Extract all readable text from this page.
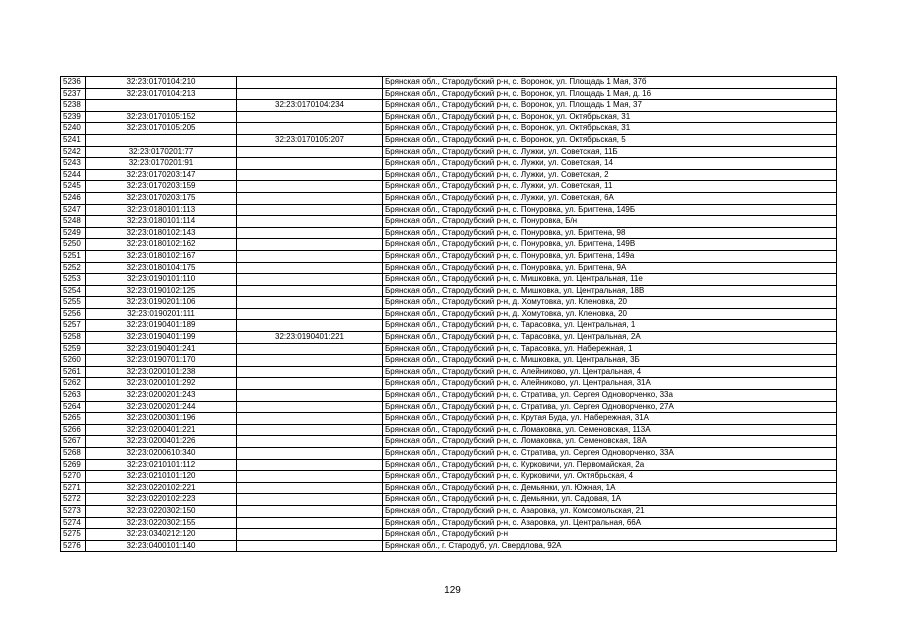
5236	32:23:0170104:210		Брянская обл., Стародубский р-н, с. Воронок, ул. Площадь 1 Мая, 37б
5237	32:23:0170104:213		Брянская обл., Стародубский р-н, с. Воронок, ул. Площадь 1 Мая, д. 16
5238		32:23:0170104:234	Брянская обл., Стародубский р-н, с. Воронок, ул. Площадь 1 Мая, 37
5239	32:23:0170105:152		Брянская обл., Стародубский р-н, с. Воронок, ул. Октябрьская, 31
5240	32:23:0170105:205		Брянская обл., Стародубский р-н, с. Воронок, ул. Октябрьская, 31
5241		32:23:0170105:207	Брянская обл., Стародубский р-н, с. Воронок, ул. Октябрьская, 5
5242	32:23:0170201:77		Брянская обл., Стародубский р-н, с. Лужки, ул. Советская, 11Б
5243	32:23:0170201:91		Брянская обл., Стародубский р-н, с. Лужки, ул. Советская, 14
5244	32:23:0170203:147		Брянская обл., Стародубский р-н, с. Лужки, ул. Советская, 2
5245	32:23:0170203:159		Брянская обл., Стародубский р-н, с. Лужки, ул. Советская, 11
5246	32:23:0170203:175		Брянская обл., Стародубский р-н, с. Лужки, ул. Советская, 6А
5247	32:23:0180101:113		Брянская обл., Стародубский р-н, с. Понуровка, ул. Бригтена, 149Б
5248	32:23:0180101:114		Брянская обл., Стародубский р-н, с. Понуровка, Б/н
5249	32:23:0180102:143		Брянская обл., Стародубский р-н, с. Понуровка, ул. Бригтена, 98
5250	32:23:0180102:162		Брянская обл., Стародубский р-н, с. Понуровка, ул. Бригтена, 149В
5251	32:23:0180102:167		Брянская обл., Стародубский р-н, с. Понуровка, ул. Бригтена, 149а
5252	32:23:0180104:175		Брянская обл., Стародубский р-н, с. Понуровка, ул. Бригтена, 9А
5253	32:23:0190101:110		Брянская обл., Стародубский р-н, с. Мишковка, ул. Центральная, 11е
5254	32:23:0190102:125		Брянская обл., Стародубский р-н, с. Мишковка, ул. Центральная, 18В
5255	32:23:0190201:106		Брянская обл., Стародубский р-н, д. Хомутовка, ул. Кленовка, 20
5256	32:23:0190201:111		Брянская обл., Стародубский р-н, д. Хомутовка, ул. Кленовка, 20
5257	32:23:0190401:189		Брянская обл., Стародубский р-н, с. Тарасовка, ул. Центральная, 1
5258	32:23:0190401:199	32:23:0190401:221	Брянская обл., Стародубский р-н, с. Тарасовка, ул. Центральная, 2А
5259	32:23:0190401:241		Брянская обл., Стародубский р-н, с. Тарасовка, ул. Набережная, 1
5260	32:23:0190701:170		Брянская обл., Стародубский р-н, с. Мишковка, ул. Центральная, 3Б
5261	32:23:0200101:238		Брянская обл., Стародубский р-н, с. Алейниково, ул. Центральная, 4
5262	32:23:0200101:292		Брянская обл., Стародубский р-н, с. Алейниково, ул. Центральная, 31А
5263	32:23:0200201:243		Брянская обл., Стародубский р-н, с. Стратива, ул. Сергея Одноворченко, 33а
5264	32:23:0200201:244		Брянская обл., Стародубский р-н, с. Стратива, ул. Сергея Одноворченко, 27А
5265	32:23:0200301:196		Брянская обл., Стародубский р-н, с. Крутая Буда, ул. Набережная, 31А
5266	32:23:0200401:221		Брянская обл., Стародубский р-н, с. Ломаковка, ул. Семеновская, 113А
5267	32:23:0200401:226		Брянская обл., Стародубский р-н, с. Ломаковка, ул. Семеновская, 18А
5268	32:23:0200610:340		Брянская обл., Стародубский р-н, с. Стратива, ул. Сергея Одноворченко, 33А
5269	32:23:0210101:112		Брянская обл., Стародубский р-н, с. Курковичи, ул. Первомайская, 2а
5270	32:23:0210101:120		Брянская обл., Стародубский р-н, с. Курковичи, ул. Октябрьская, 4
5271	32:23:0220102:221		Брянская обл., Стародубский р-н, с. Демьянки, ул. Южная, 1А
5272	32:23:0220102:223		Брянская обл., Стародубский р-н, с. Демьянки, ул. Садовая, 1А
5273	32:23:0220302:150		Брянская обл., Стародубский р-н, с. Азаровка, ул. Комсомольская, 21
5274	32:23:0220302:155		Брянская обл., Стародубский р-н, с. Азаровка, ул. Центральная, 66А
5275	32:23:0340212:120		Брянская обл., Стародубский р-н
5276	32:23:0400101:140		Брянская обл., г. Стародуб, ул. Свердлова, 92А
129
